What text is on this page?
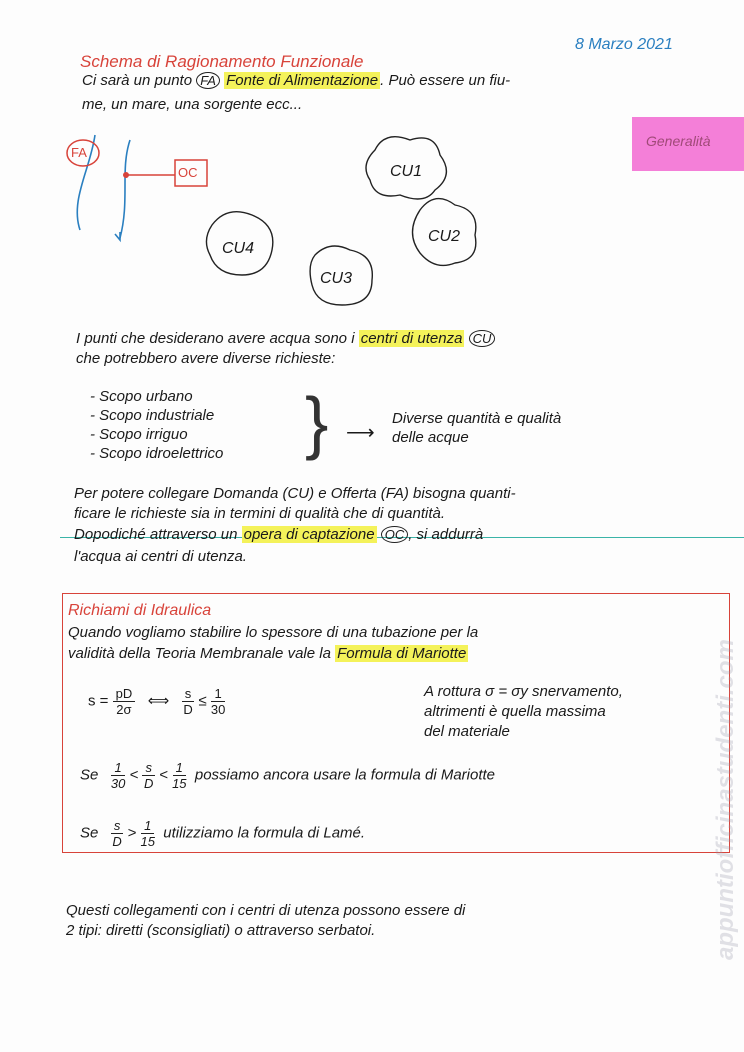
8 Marzo 2021
Schema di Ragionamento Funzionale
Ci sarà un punto FA Fonte di Alimentazione . Può essere un fiu-
me, un mare, una sorgente ecc...
Generalità
FA
OC	CU1
CU2
CU3
CU4
I punti che desiderano avere acqua sono i centri di utenza CU
che potrebbero avere diverse richieste:
- Scopo urbano
- Scopo industriale
- Scopo irriguo
- Scopo idroelettrico } ⟶
Diverse quantità e qualità
delle acque
Per potere collegare Domanda (CU) e Offerta (FA) bisogna quanti-
ficare le richieste sia in termini di qualità che di quantità.
Dopodiché attraverso un opera di captazione OC , si addurrà
l'acqua ai centri di utenza.
Richiami di Idraulica
Quando vogliamo stabilire lo spessore di una tubazione per la
validità della Teoria Membranale vale la Formula di Mariotte
$s = \frac{pD}{2\sigma}$ ⟺ $\frac{s}{D} \le \frac{1}{30}$	A rottura σ = σy snervamento,
altrimenti è quella massima
del materiale
Se $\frac{1}{30} < \frac{s}{D} < \frac{1}{15}$ possiamo ancora usare la formula di Mariotte
Se $\frac{s}{D} > \frac{1}{15}$ utilizziamo la formula di Lamé.
Questi collegamenti con i centri di utenza possono essere di
2 tipi: diretti (sconsigliati) o attraverso serbatoi.	appuntiofficinastudenti.com
